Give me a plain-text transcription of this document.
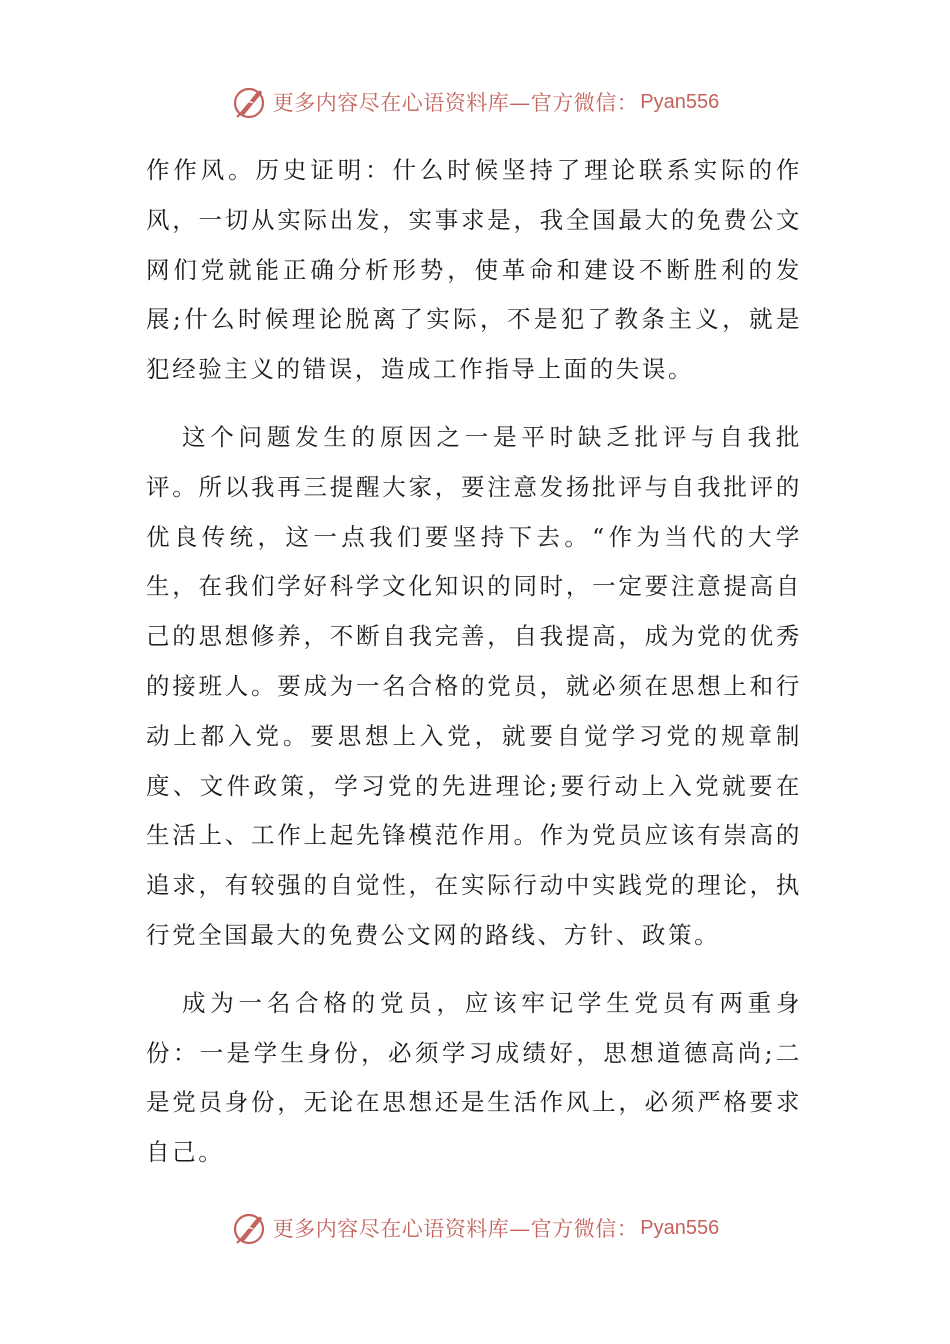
更多内容尽在心语资料库—官方微信： Pyan556

作作风。历史证明：什么时候坚持了理论联系实际的作风，一切从实际出发，实事求是，我全国最大的免费公文网们党就能正确分析形势，使革命和建设不断胜利的发展;什么时候理论脱离了实际，不是犯了教条主义，就是犯经验主义的错误，造成工作指导上面的失误。

这个问题发生的原因之一是平时缺乏批评与自我批评。所以我再三提醒大家，要注意发扬批评与自我批评的优良传统，这一点我们要坚持下去。“作为当代的大学生，在我们学好科学文化知识的同时，一定要注意提高自己的思想修养，不断自我完善，自我提高，成为党的优秀的接班人。要成为一名合格的党员，就必须在思想上和行动上都入党。要思想上入党，就要自觉学习党的规章制度、文件政策，学习党的先进理论;要行动上入党就要在生活上、工作上起先锋模范作用。作为党员应该有崇高的追求，有较强的自觉性，在实际行动中实践党的理论，执行党全国最大的免费公文网的路线、方针、政策。

成为一名合格的党员，应该牢记学生党员有两重身份：一是学生身份，必须学习成绩好，思想道德高尚;二是党员身份，无论在思想还是生活作风上，必须严格要求自己。

更多内容尽在心语资料库—官方微信： Pyan556
